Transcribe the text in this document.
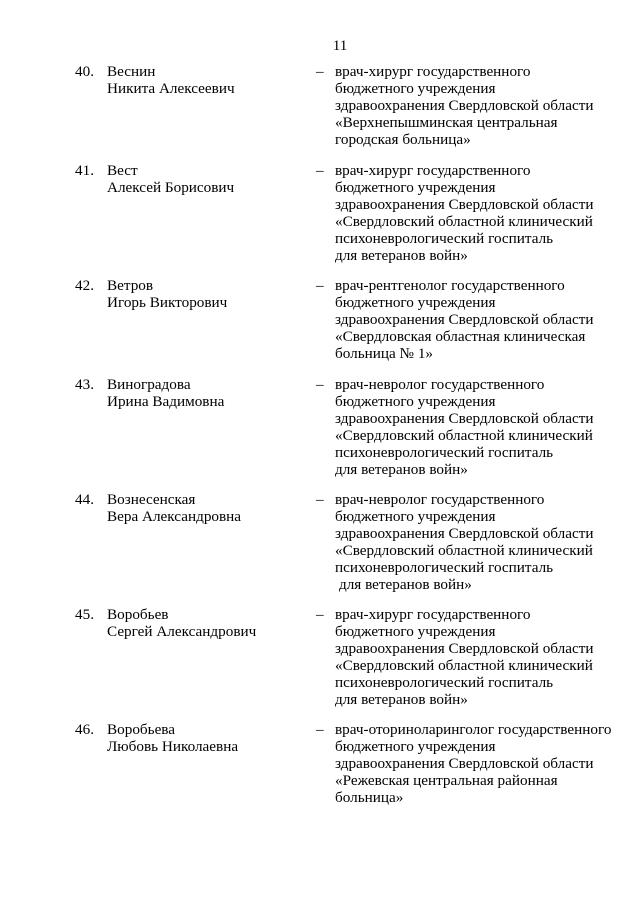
11
40. Веснин
Никита Алексеевич
– врач-хирург государственного
бюджетного учреждения
здравоохранения Свердловской области
«Верхнепышминская центральная
городская больница»
41. Вест
Алексей Борисович
– врач-хирург государственного
бюджетного учреждения
здравоохранения Свердловской области
«Свердловский областной клинический
психоневрологический госпиталь
для ветеранов войн»
42. Ветров
Игорь Викторович
– врач-рентгенолог государственного
бюджетного учреждения
здравоохранения Свердловской области
«Свердловская областная клиническая
больница № 1»
43. Виноградова
Ирина Вадимовна
– врач-невролог государственного
бюджетного учреждения
здравоохранения Свердловской области
«Свердловский областной клинический
психоневрологический госпиталь
для ветеранов войн»
44. Вознесенская
Вера Александровна
– врач-невролог государственного
бюджетного учреждения
здравоохранения Свердловской области
«Свердловский областной клинический
психоневрологический госпиталь
для ветеранов войн»
45. Воробьев
Сергей Александрович
– врач-хирург государственного
бюджетного учреждения
здравоохранения Свердловской области
«Свердловский областной клинический
психоневрологический госпиталь
для ветеранов войн»
46. Воробьева
Любовь Николаевна
– врач-оториноларинголог государственного
бюджетного учреждения
здравоохранения Свердловской области
«Режевская центральная районная
больница»
